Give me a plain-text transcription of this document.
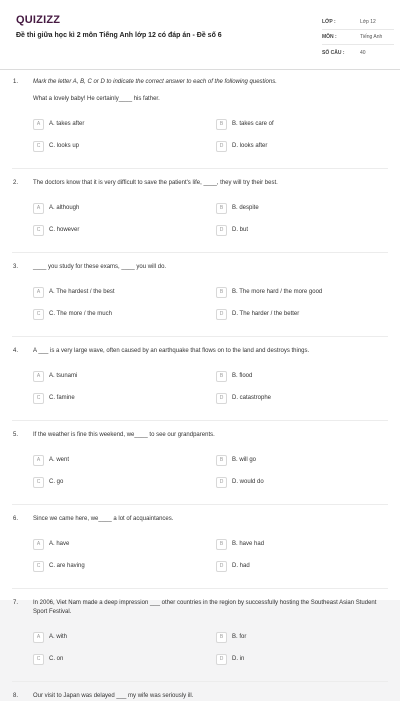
QUIZIZZ
Đề thi giữa học kì 2 môn Tiếng Anh lớp 12 có đáp án - Đề số 6
LỚP :	Lớp 12
MÔN :	Tiếng Anh
SỐ CÂU :	40
1. Mark the letter A, B, C or D to indicate the correct answer to each of the following questions.
What a lovely baby! He certainly____ his father.
A	A. takes after	B	B. takes care of
C	C. looks up	D	D. looks after
2. The doctors know that it is very difficult to save the patient's life, ____, they will try their best.
A	A. although	B	B. despite
C	C. however	D	D. but
3. ____ you study for these exams, ____ you will do.
A	A. The hardest / the best	B	B. The more hard / the more good
C	C. The more / the much	D	D. The harder / the better
4. A ___ is a very large wave, often caused by an earthquake that flows on to the land and destroys things.
A	A. tsunami	B	B. flood
C	C. famine	D	D. catastrophe
5. If the weather is fine this weekend, we____ to see our grandparents.
A	A. went	B	B. will go
C	C. go	D	D. would do
6. Since we came here, we____ a lot of acquaintances.
A	A. have	B	B. have had
C	C. are having	D	D. had
7. In 2006, Viet Nam made a deep impression ___ other countries in the region by successfully hosting the Southeast Asian Student Sport Festival.
A	A. with	B	B. for
C	C. on	D	D. in
8. Our visit to Japan was delayed ___ my wife was seriously ill.
